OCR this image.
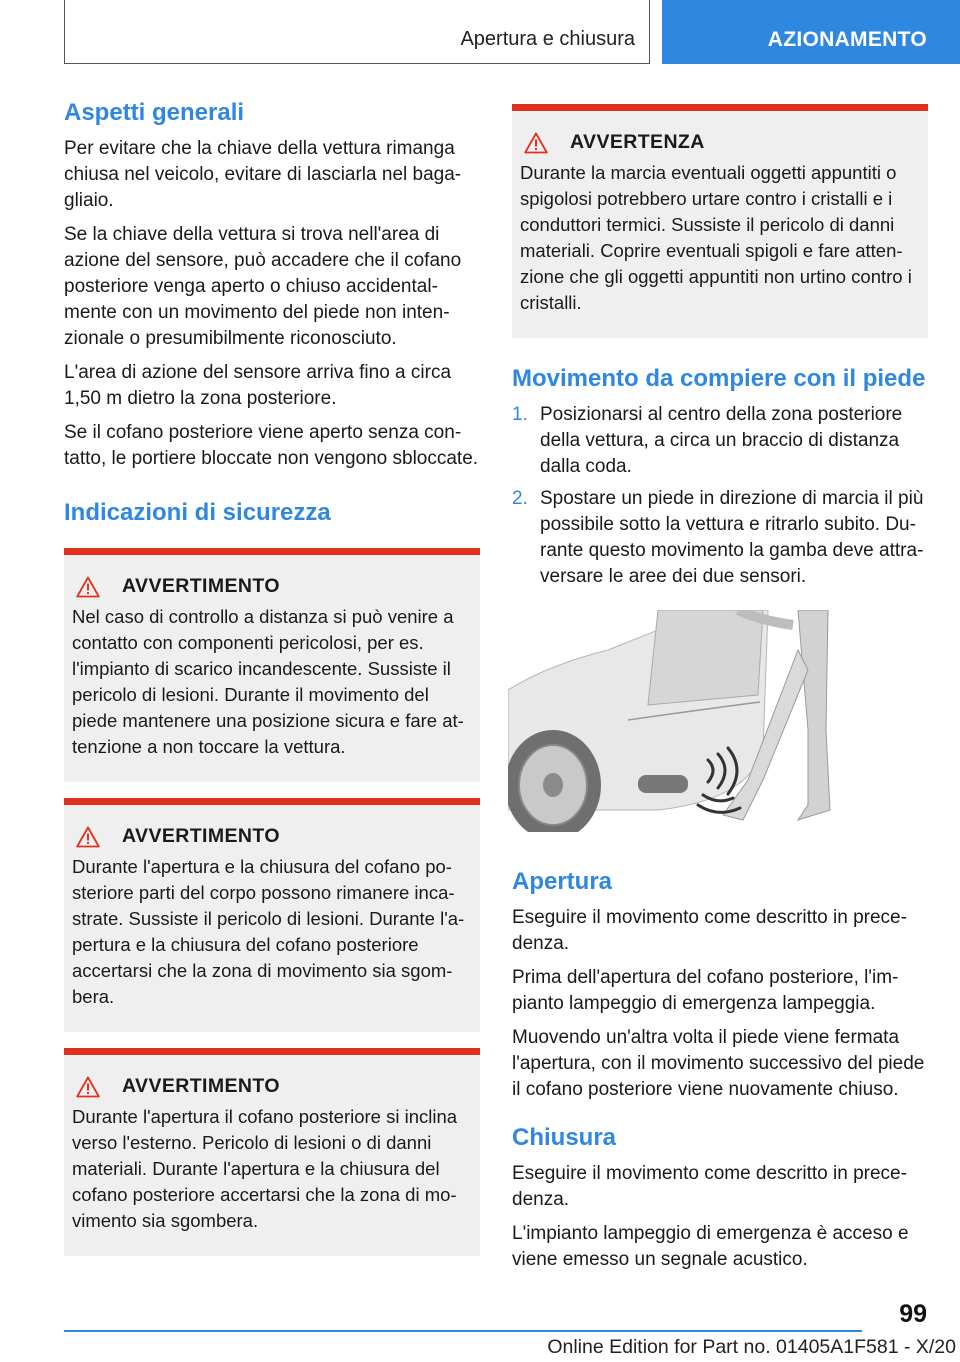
Apertura e chiusura	AZIONAMENTO
Aspetti generali

Per evitare che la chiave della vettura rimanga chiusa nel veicolo, evitare di lasciarla nel bagagliaio.

Se la chiave della vettura si trova nell'area di azione del sensore, può accadere che il cofano posteriore venga aperto o chiuso accidentalmente con un movimento del piede non intenzionale o presumibilmente riconosciuto.

L'area di azione del sensore arriva fino a circa 1,50 m dietro la zona posteriore.

Se il cofano posteriore viene aperto senza contatto, le portiere bloccate non vengono sbloccate.

Indicazioni di sicurezza
AVVERTIMENTO

Nel caso di controllo a distanza si può venire a contatto con componenti pericolosi, per es. l'impianto di scarico incandescente. Sussiste il pericolo di lesioni. Durante il movimento del piede mantenere una posizione sicura e fare attenzione a non toccare la vettura.

AVVERTIMENTO

Durante l'apertura e la chiusura del cofano posteriore parti del corpo possono rimanere incastrate. Sussiste il pericolo di lesioni. Durante l'apertura e la chiusura del cofano posteriore accertarsi che la zona di movimento sia sgombera.

AVVERTIMENTO

Durante l'apertura il cofano posteriore si inclina verso l'esterno. Pericolo di lesioni o di danni materiali. Durante l'apertura e la chiusura del cofano posteriore accertarsi che la zona di movimento sia sgombera.

AVVERTENZA

Durante la marcia eventuali oggetti appuntiti o spigolosi potrebbero urtare contro i cristalli e i conduttori termici. Sussiste il pericolo di danni materiali. Coprire eventuali spigoli e fare attenzione che gli oggetti appuntiti non urtino contro i cristalli.

Movimento da compiere con il piede
1. Posizionarsi al centro della zona posteriore della vettura, a circa un braccio di distanza dalla coda.
2. Spostare un piede in direzione di marcia il più possibile sotto la vettura e ritrarlo subito. Durante questo movimento la gamba deve attraversare le aree dei due sensori.
Apertura

Eseguire il movimento come descritto in precedenza.

Prima dell'apertura del cofano posteriore, l'impianto lampeggio di emergenza lampeggia.

Muovendo un'altra volta il piede viene fermata l'apertura, con il movimento successivo del piede il cofano posteriore viene nuovamente chiuso.

Chiusura

Eseguire il movimento come descritto in precedenza.

L'impianto lampeggio di emergenza è acceso e viene emesso un segnale acustico.

99
Online Edition for Part no. 01405A1F581 - X/20
